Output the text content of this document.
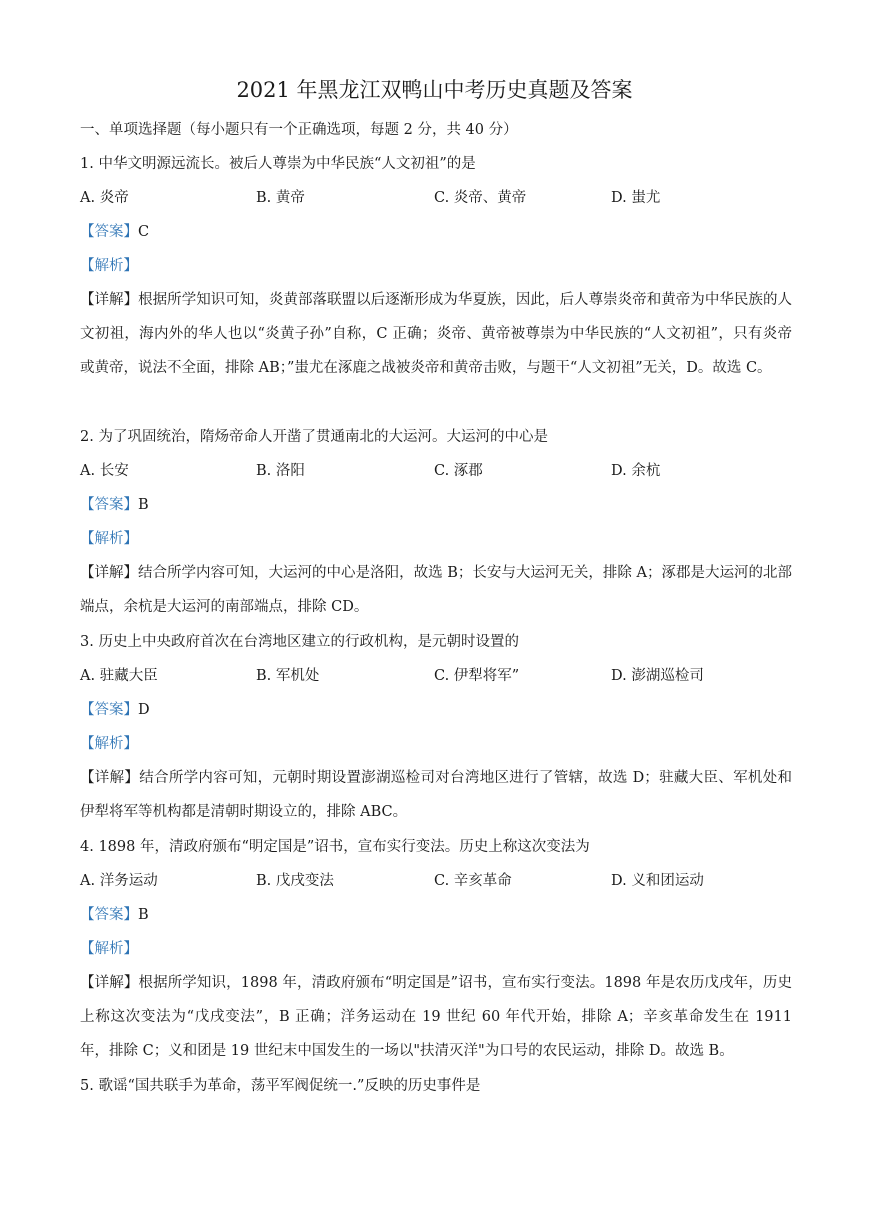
2021 年黑龙江双鸭山中考历史真题及答案
一、单项选择题（每小题只有一个正确选项，每题 2 分，共 40 分）
1. 中华文明源远流长。被后人尊崇为中华民族“人文初祖”的是
A. 炎帝	B. 黄帝	C. 炎帝、黄帝	D. 蚩尤
【答案】C
【解析】
【详解】根据所学知识可知，炎黄部落联盟以后逐渐形成为华夏族，因此，后人尊崇炎帝和黄帝为中华民族的人文初祖，海内外的华人也以“炎黄子孙”自称，C 正确；炎帝、黄帝被尊崇为中华民族的“人文初祖”，只有炎帝或黄帝，说法不全面，排除 AB；”蚩尤在涿鹿之战被炎帝和黄帝击败，与题干“人文初祖”无关，D。故选 C。
2. 为了巩固统治，隋炀帝命人开凿了贯通南北的大运河。大运河的中心是
A. 长安	B. 洛阳	C. 涿郡	D. 余杭
【答案】B
【解析】
【详解】结合所学内容可知，大运河的中心是洛阳，故选 B；长安与大运河无关，排除 A；涿郡是大运河的北部端点，余杭是大运河的南部端点，排除 CD。
3. 历史上中央政府首次在台湾地区建立的行政机构，是元朝时设置的
A. 驻藏大臣	B. 军机处	C. 伊犁将军”	D. 澎湖巡检司
【答案】D
【解析】
【详解】结合所学内容可知，元朝时期设置澎湖巡检司对台湾地区进行了管辖，故选 D；驻藏大臣、军机处和伊犁将军等机构都是清朝时期设立的，排除 ABC。
4. 1898 年，清政府颁布“明定国是”诏书，宣布实行变法。历史上称这次变法为
A. 洋务运动	B. 戊戌变法	C. 辛亥革命	D. 义和团运动
【答案】B
【解析】
【详解】根据所学知识，1898 年，清政府颁布“明定国是”诏书，宣布实行变法。1898 年是农历戊戌年，历史上称这次变法为“戊戌变法”，B 正确；洋务运动在 19 世纪 60 年代开始，排除 A；辛亥革命发生在 1911 年，排除 C；义和团是 19 世纪末中国发生的一场以"扶清灭洋"为口号的农民运动，排除 D。故选 B。
5. 歌谣“国共联手为革命，荡平军阀促统一.”反映的历史事件是
